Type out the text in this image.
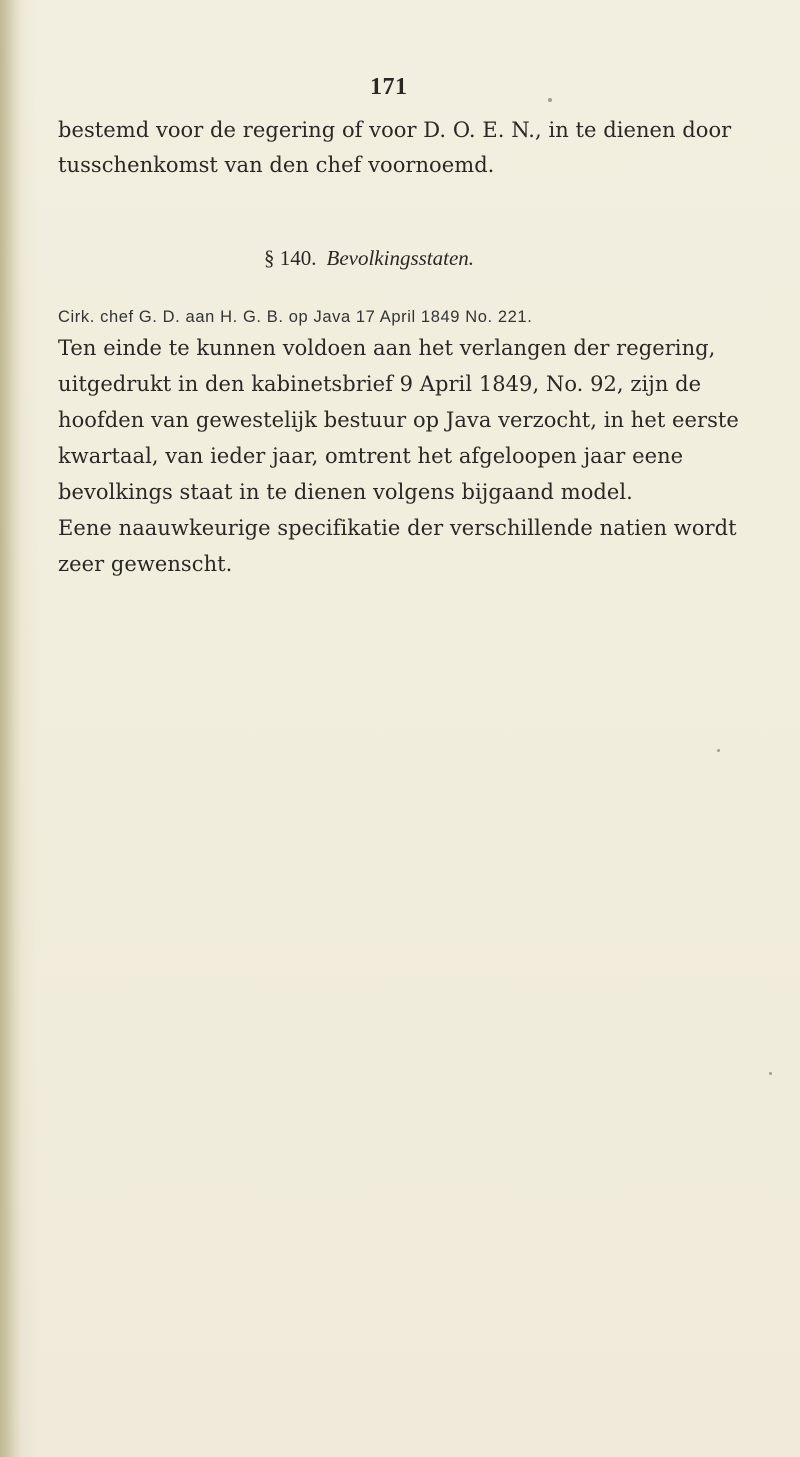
171
bestemd voor de regering of voor D. O. E. N., in te dienen door
tusschenkomst van den chef voornoemd.
§ 140. Bevolkingsstaten.
Cirk. chef G. D. aan H. G. B. op Java 17 April 1849 No. 221.
Ten einde te kunnen voldoen aan het verlangen der regering,
uitgedrukt in den kabinetsbrief 9 April 1849, No. 92, zijn de
hoofden van gewestelijk bestuur op Java verzocht, in het eerste
kwartaal, van ieder jaar, omtrent het afgeloopen jaar eene
bevolkings staat in te dienen volgens bijgaand model.
Eene naauwkeurige specifikatie der verschillende natien wordt
zeer gewenscht.
